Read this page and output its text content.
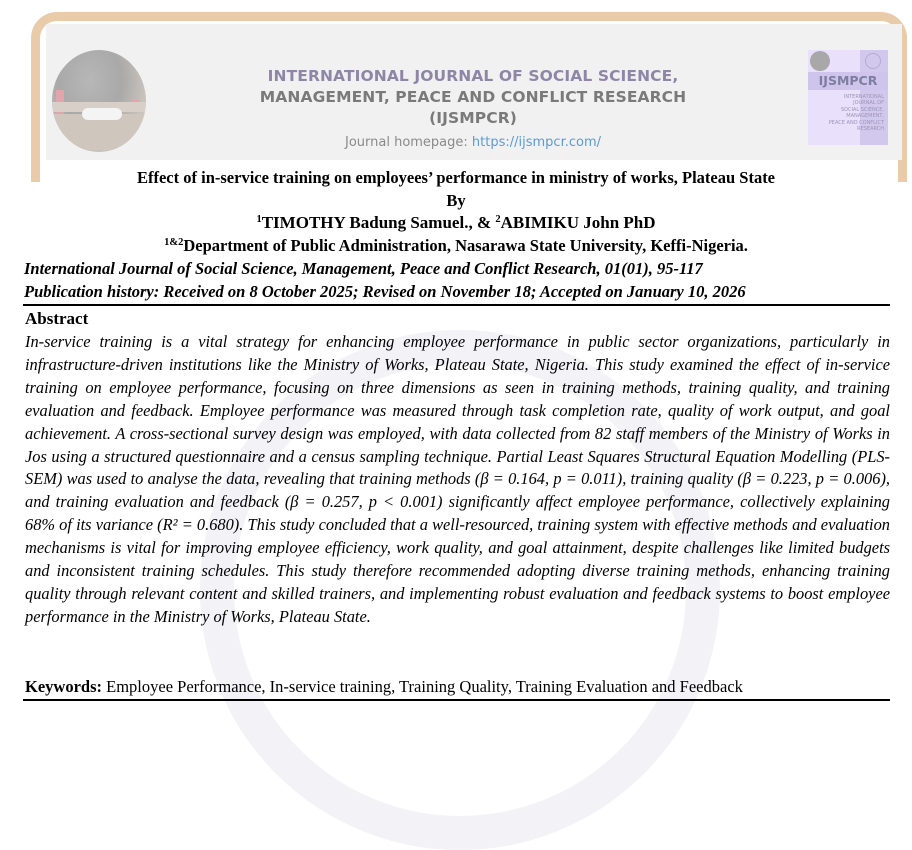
INTERNATIONAL JOURNAL OF SOCIAL SCIENCE,
MANAGEMENT, PEACE AND CONFLICT RESEARCH
(IJSMPCR)
Journal homepage: https://ijsmpcr.com/
IJSMPCR
INTERNATIONAL
JOURNAL OF
SOCIAL SCIENCE,
MANAGEMENT,
PEACE AND CONFLICT
RESEARCH
Effect of in-service training on employees’ performance in ministry of works, Plateau State
By
$^1$TIMOTHY Badung Samuel., & $^2$ABIMIKU John PhD
$^{1\&2}$Department of Public Administration, Nasarawa State University, Keffi-Nigeria.
International Journal of Social Science, Management, Peace and Conflict Research, 01(01), 95-117
Publication history: Received on 8 October 2025; Revised on November 18; Accepted on January 10, 2026
Abstract
In-service training is a vital strategy for enhancing employee performance in public sector organizations, particularly in infrastructure-driven institutions like the Ministry of Works, Plateau State, Nigeria. This study examined the effect of in-service training on employee performance, focusing on three dimensions as seen in training methods, training quality, and training evaluation and feedback. Employee performance was measured through task completion rate, quality of work output, and goal achievement. A cross-sectional survey design was employed, with data collected from 82 staff members of the Ministry of Works in Jos using a structured questionnaire and a census sampling technique. Partial Least Squares Structural Equation Modelling (PLS-SEM) was used to analyse the data, revealing that training methods (β = 0.164, p = 0.011), training quality (β = 0.223, p = 0.006), and training evaluation and feedback (β = 0.257, p < 0.001) significantly affect employee performance, collectively explaining 68% of its variance (R² = 0.680). This study concluded that a well-resourced, training system with effective methods and evaluation mechanisms is vital for improving employee efficiency, work quality, and goal attainment, despite challenges like limited budgets and inconsistent training schedules. This study therefore recommended adopting diverse training methods, enhancing training quality through relevant content and skilled trainers, and implementing robust evaluation and feedback systems to boost employee performance in the Ministry of Works, Plateau State.
Keywords: Employee Performance, In-service training, Training Quality, Training Evaluation and Feedback
